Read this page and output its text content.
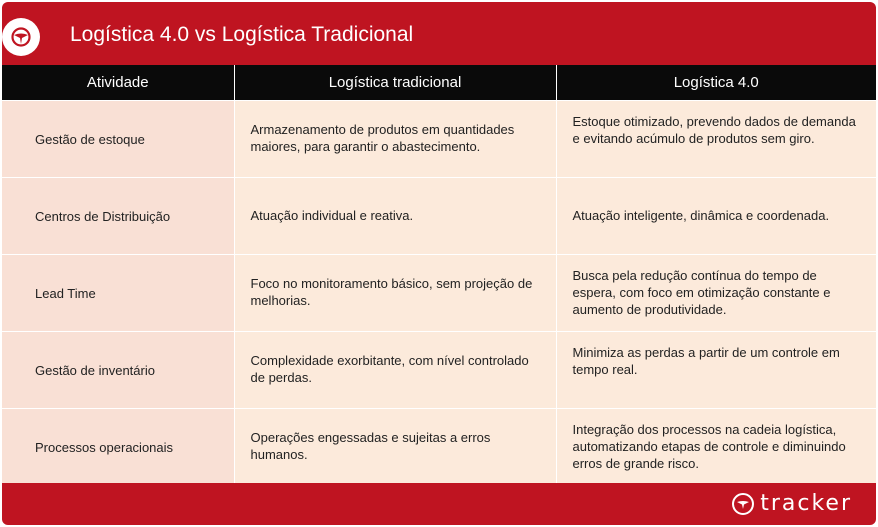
Logística 4.0 vs Logística Tradicional
Atividade	Logística tradicional	Logística 4.0

Gestão de estoque	Armazenamento de produtos em quantidades maiores, para garantir o abastecimento.	Estoque otimizado, prevendo dados de demanda e evitando acúmulo de produtos sem giro.

Centros de Distribuição	Atuação individual e reativa.	Atuação inteligente, dinâmica e coordenada.

Lead Time	Foco no monitoramento básico, sem projeção de melhorias.	Busca pela redução contínua do tempo de espera, com foco em otimização constante e aumento de produtividade.

Gestão de inventário	Complexidade exorbitante, com nível controlado de perdas.	Minimiza as perdas a partir de um controle em tempo real.

Processos operacionais	Operações engessadas e sujeitas a erros humanos.	Integração dos processos na cadeia logística, automatizando etapas de controle e diminuindo erros de grande risco.
tracker
